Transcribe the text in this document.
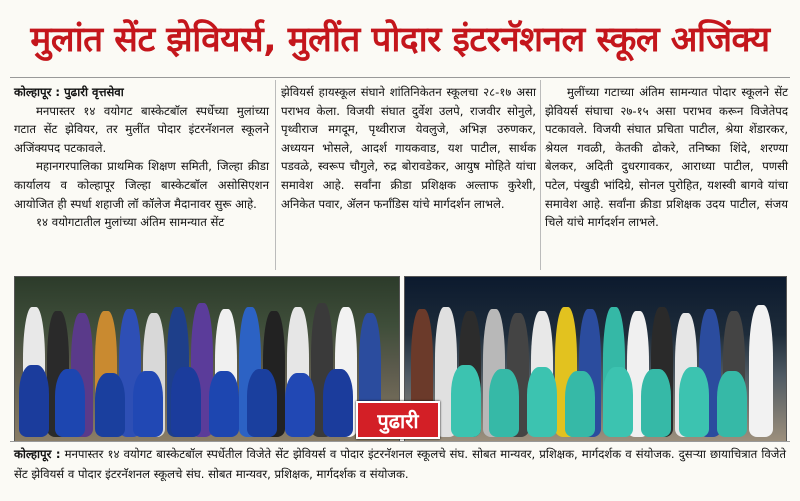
मुलांत सेंट झेवियर्स, मुलींत पोदार इंटरनॅशनल स्कूल अजिंक्य

कोल्हापूर : पुढारी वृत्तसेवा

मनपास्तर १४ वयोगट बास्केटबॉल स्पर्धेच्या मुलांच्या गटात सेंट झेवियर, तर मुलींत पोदार इंटरनॅशनल स्कूलने अजिंक्यपद पटकावले.

महानगरपालिका प्राथमिक शिक्षण समिती, जिल्हा क्रीडा कार्यालय व कोल्हापूर जिल्हा बास्केटबॉल असोसिएशन आयोजित ही स्पर्धा शहाजी लॉ कॉलेज मैदानावर सुरू आहे.

१४ वयोगटातील मुलांच्या अंतिम सामन्यात सेंट

झेवियर्स हायस्कूल संघाने शांतिनिकेतन स्कूलचा २८-१७ असा पराभव केला. विजयी संघात दुर्वेश उलपे, राजवीर सोनुले, पृथ्वीराज मगदूम, पृथ्वीराज येवलुजे, अभिज्ञ उरुणकर, अध्ययन भोसले, आदर्श गायकवाड, यश पाटील, सार्थक पडवळे, स्वरूप चौगुले, रुद्र बोरावडेकर, आयुष मोहिते यांचा समावेश आहे. सर्वांना क्रीडा प्रशिक्षक अल्ताफ कुरेशी, अनिकेत पवार, ॲलन फर्नांडिस यांचे मार्गदर्शन लाभले.

मुलींच्या गटाच्या अंतिम सामन्यात पोदार स्कूलने सेंट झेवियर्स संघाचा २७-१५ असा पराभव करून विजेतेपद पटकावले. विजयी संघात प्रचिता पाटील, श्रेया शेंडारकर, श्रेयल गवळी, केतकी ढोकरे, तनिष्का शिंदे, शरण्या बेलकर, अदिती दुधरगावकर, आराध्या पाटील, पणसी पटेल, पंखुडी भांदिग्रे, सोनल पुरोहित, यशस्वी बागवे यांचा समावेश आहे. सर्वांना क्रीडा प्रशिक्षक उदय पाटील, संजय चिले यांचे मार्गदर्शन लाभले.

पुढारी
कोल्हापूर : मनपास्तर १४ वयोगट बास्केटबॉल स्पर्धेतील विजेते सेंट झेवियर्स व पोदार इंटरनॅशनल स्कूलचे संघ. सोबत मान्यवर, प्रशिक्षक, मार्गदर्शक व संयोजक. दुसऱ्या छायाचित्रात विजेते सेंट झेवियर्स व पोदार इंटरनॅशनल स्कूलचे संघ. सोबत मान्यवर, प्रशिक्षक, मार्गदर्शक व संयोजक.
